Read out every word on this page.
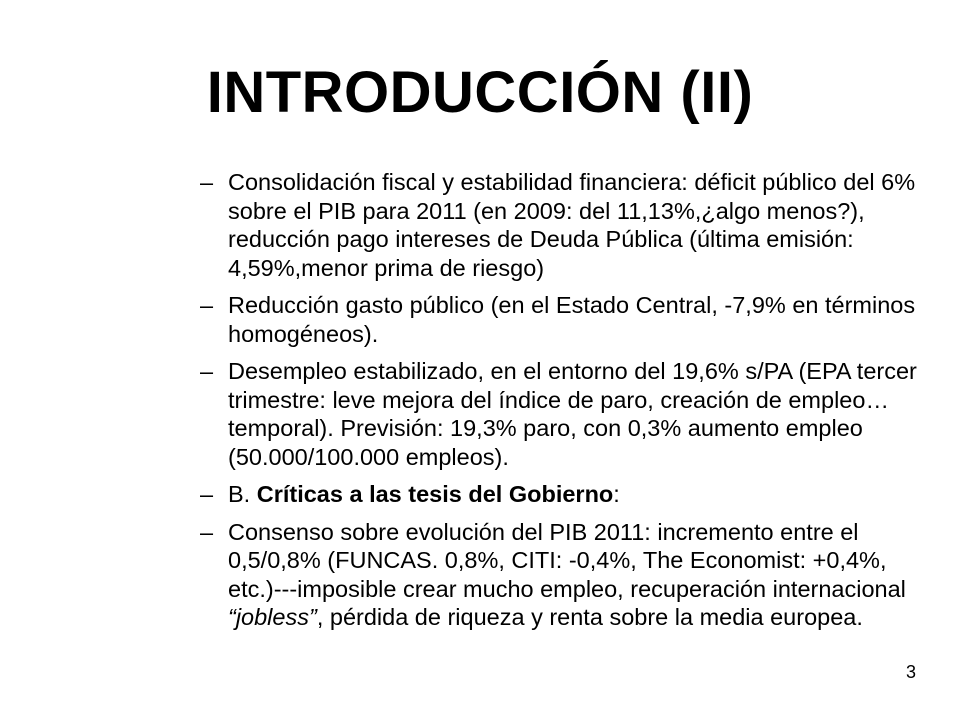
INTRODUCCIÓN (II)
– Consolidación fiscal y estabilidad financiera: déficit público del 6% sobre el PIB para 2011 (en 2009: del 11,13%,¿algo menos?), reducción pago intereses de Deuda Pública (última emisión: 4,59%,menor prima de riesgo)
– Reducción gasto público (en el Estado Central, -7,9% en términos homogéneos).
– Desempleo estabilizado, en el entorno del 19,6% s/PA (EPA tercer trimestre: leve mejora del índice de paro, creación de empleo…temporal). Previsión: 19,3% paro, con 0,3% aumento empleo (50.000/100.000 empleos).
– B. Críticas a las tesis del Gobierno:
– Consenso sobre evolución del PIB 2011: incremento entre el 0,5/0,8% (FUNCAS. 0,8%, CITI: -0,4%, The Economist: +0,4%, etc.)---imposible crear mucho empleo, recuperación internacional “jobless”, pérdida de riqueza y renta sobre la media europea.
3
